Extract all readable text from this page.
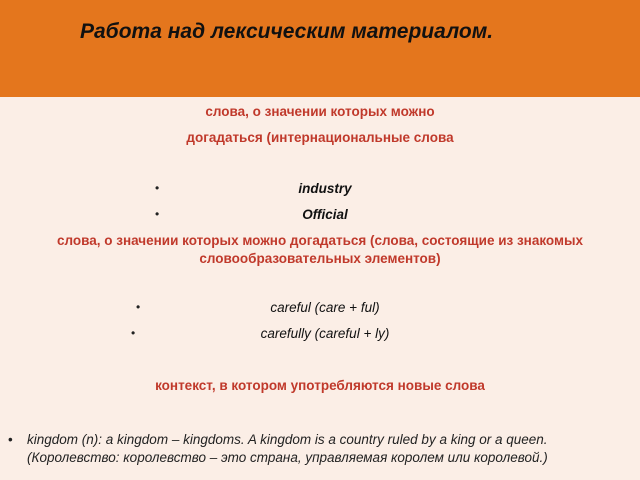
Работа над лексическим материалом.
слова, о значении которых можно
догадаться (интернациональные слова
•	industry
•	Official
слова, о значении которых можно догадаться (слова, состоящие из знакомых
словообразовательных элементов)
•	careful (care + ful)
•	carefully (careful + ly)
контекст, в котором употребляются новые слова
• kingdom (n): a kingdom – kingdoms. A kingdom is a country ruled by a king or a queen.
(Королевство: королевство – это страна, управляемая королем или королевой.)
